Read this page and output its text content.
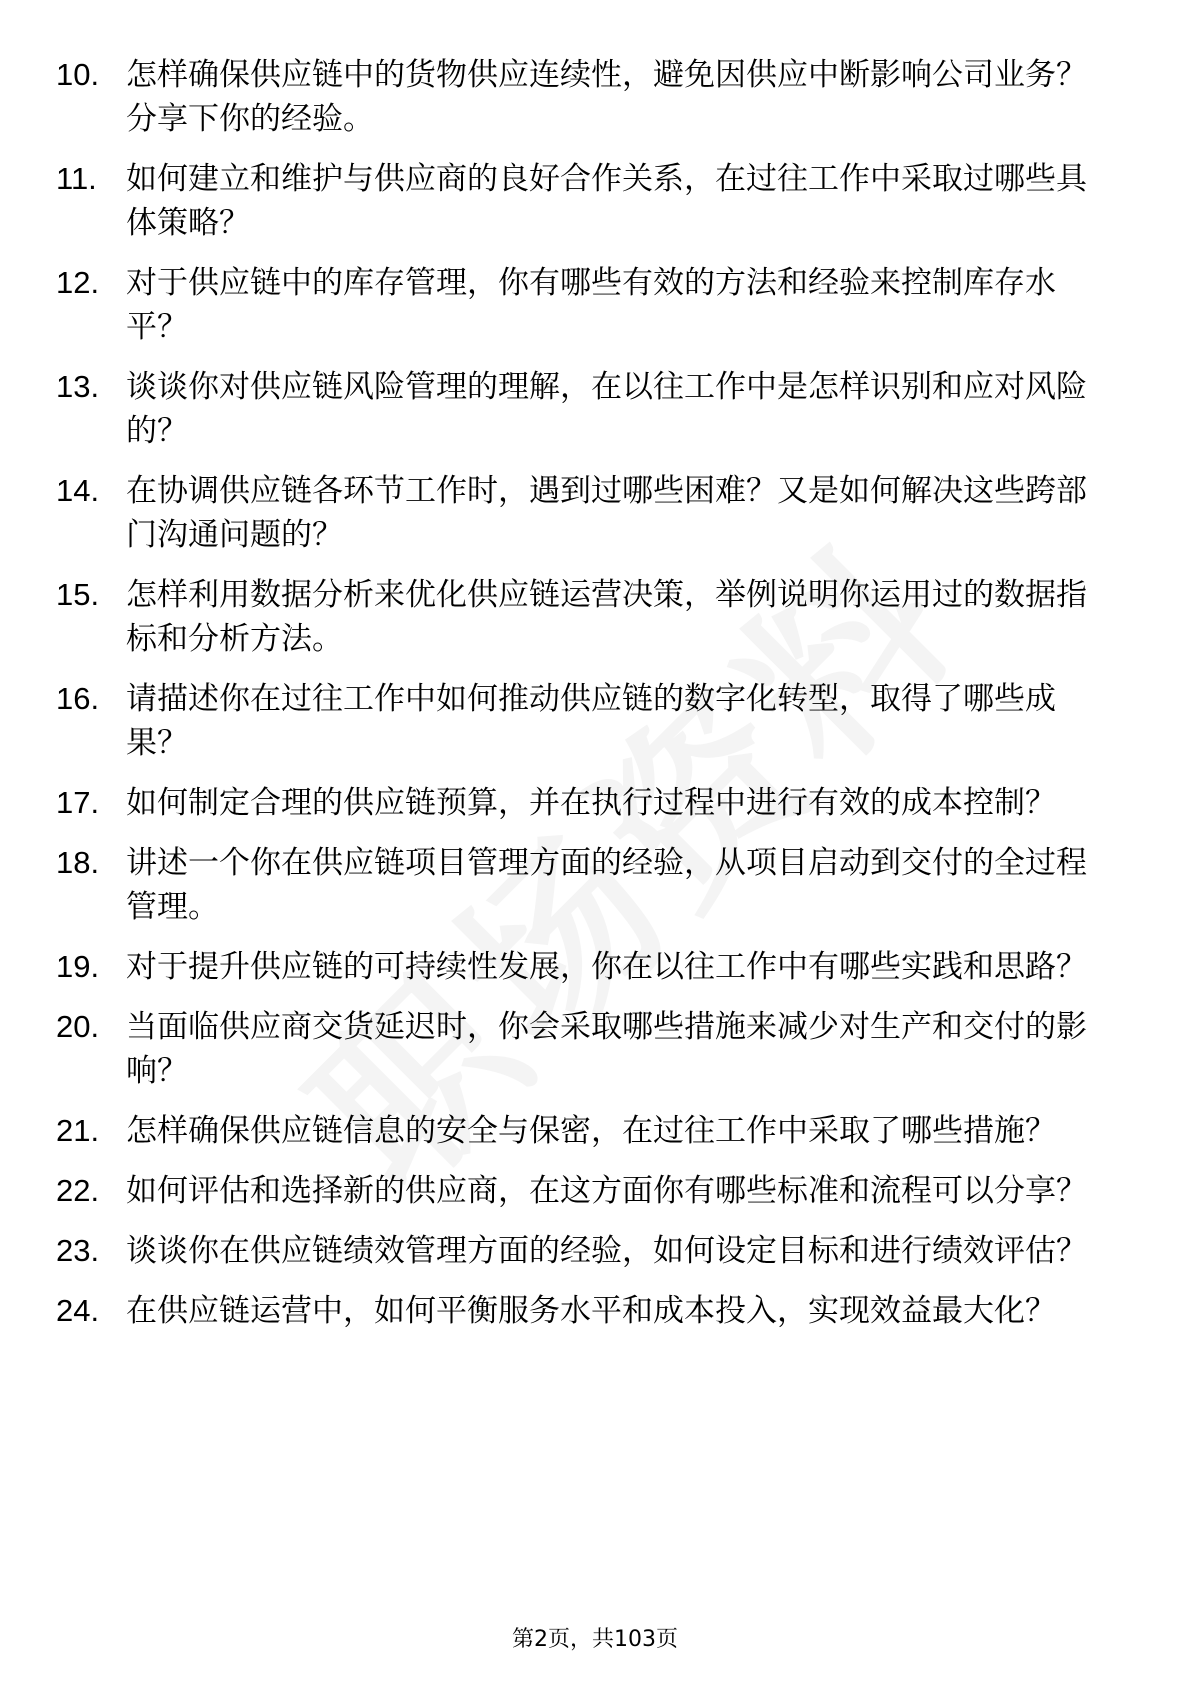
10. 怎样确保供应链中的货物供应连续性，避免因供应中断影响公司业务？分享下你的经验。
11. 如何建立和维护与供应商的良好合作关系，在过往工作中采取过哪些具体策略？
12. 对于供应链中的库存管理，你有哪些有效的方法和经验来控制库存水平？
13. 谈谈你对供应链风险管理的理解，在以往工作中是怎样识别和应对风险的？
14. 在协调供应链各环节工作时，遇到过哪些困难？又是如何解决这些跨部门沟通问题的？
15. 怎样利用数据分析来优化供应链运营决策，举例说明你运用过的数据指标和分析方法。
16. 请描述你在过往工作中如何推动供应链的数字化转型，取得了哪些成果？
17. 如何制定合理的供应链预算，并在执行过程中进行有效的成本控制？
18. 讲述一个你在供应链项目管理方面的经验，从项目启动到交付的全过程管理。
19. 对于提升供应链的可持续性发展，你在以往工作中有哪些实践和思路？
20. 当面临供应商交货延迟时，你会采取哪些措施来减少对生产和交付的影响？
21. 怎样确保供应链信息的安全与保密，在过往工作中采取了哪些措施？
22. 如何评估和选择新的供应商，在这方面你有哪些标准和流程可以分享？
23. 谈谈你在供应链绩效管理方面的经验，如何设定目标和进行绩效评估？
24. 在供应链运营中，如何平衡服务水平和成本投入，实现效益最大化？
第2页，共103页
